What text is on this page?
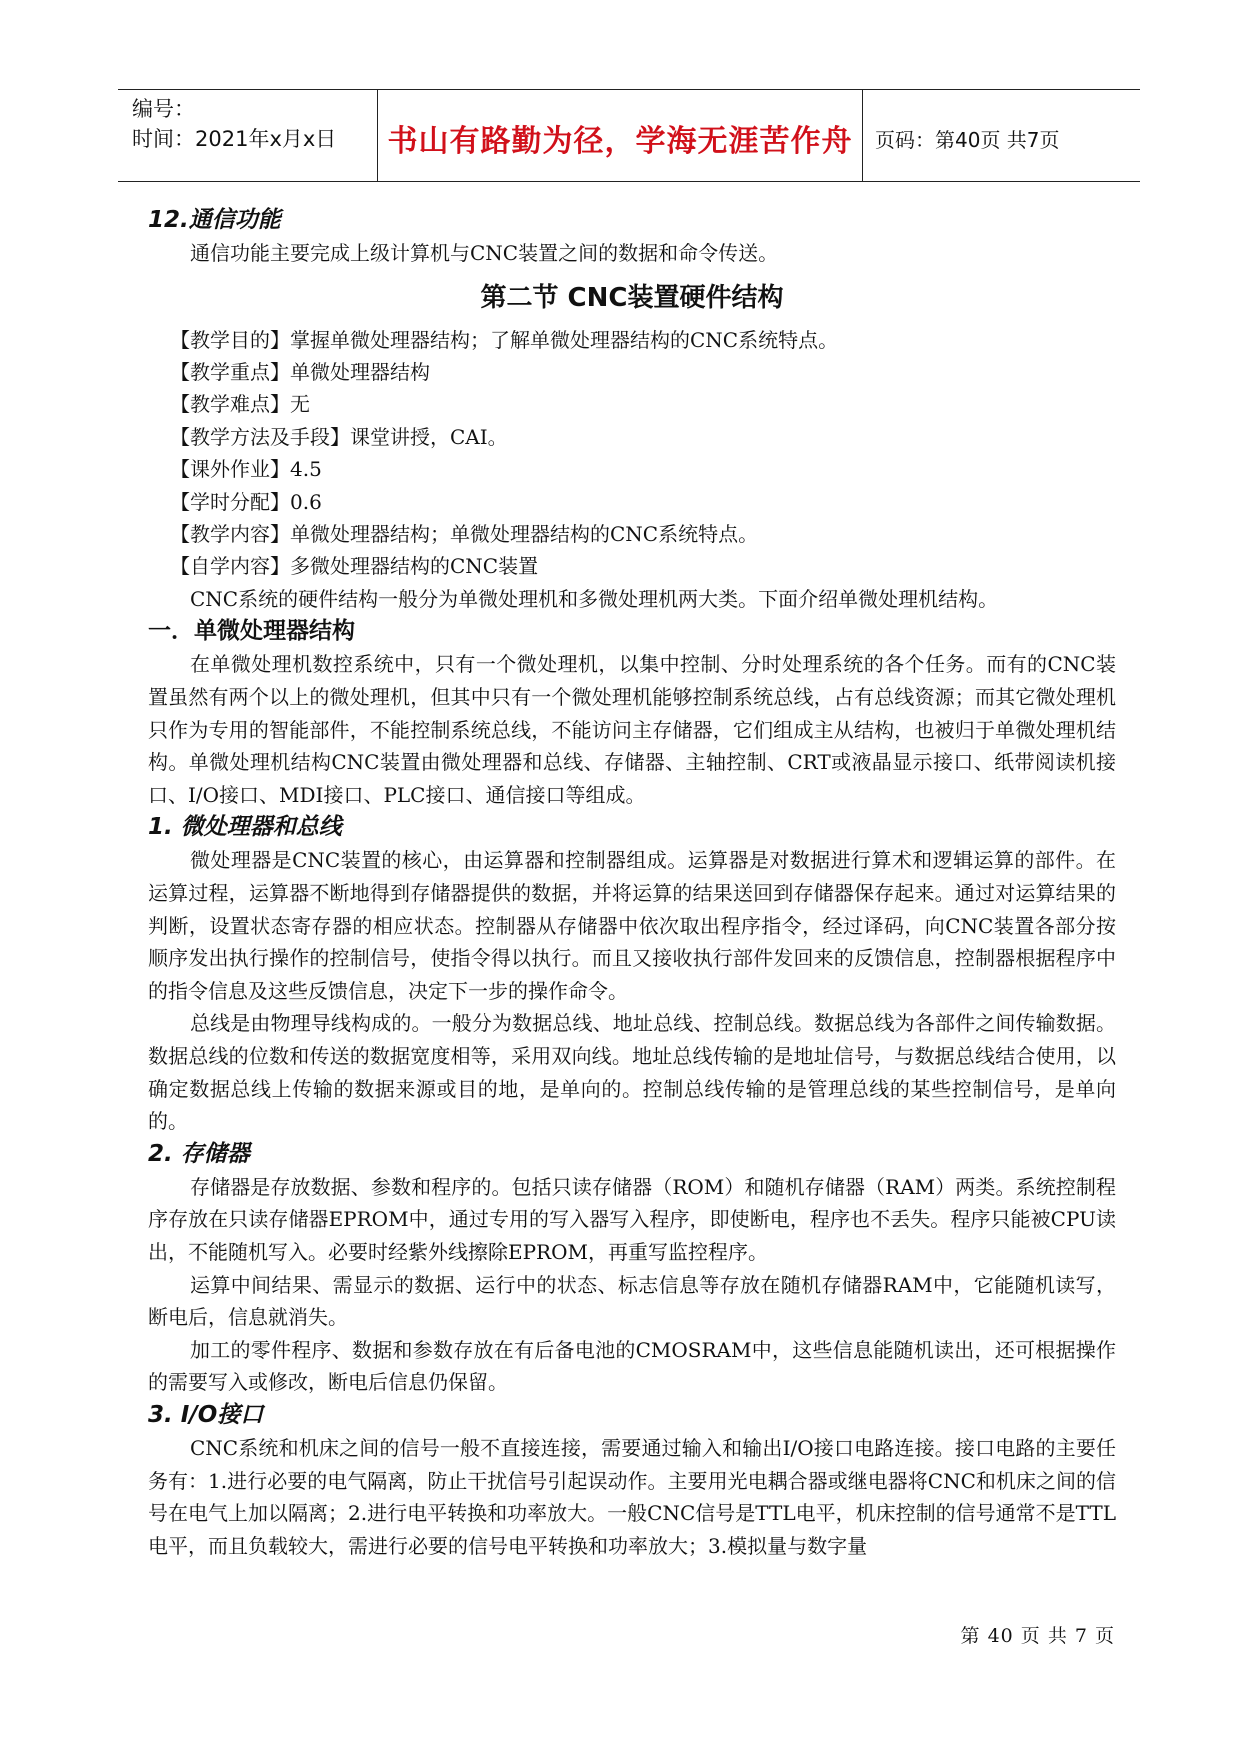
编号：
时间：2021年x月x日	书山有路勤为径，学海无涯苦作舟	页码：第40页 共7页
12.通信功能
通信功能主要完成上级计算机与CNC装置之间的数据和命令传送。
第二节 CNC装置硬件结构
【教学目的】掌握单微处理器结构；了解单微处理器结构的CNC系统特点。
【教学重点】单微处理器结构
【教学难点】无
【教学方法及手段】课堂讲授，CAI。
【课外作业】4.5
【学时分配】0.6
【教学内容】单微处理器结构；单微处理器结构的CNC系统特点。
【自学内容】多微处理器结构的CNC装置
CNC系统的硬件结构一般分为单微处理机和多微处理机两大类。下面介绍单微处理机结构。
一．单微处理器结构
在单微处理机数控系统中，只有一个微处理机，以集中控制、分时处理系统的各个任务。而有的CNC装置虽然有两个以上的微处理机，但其中只有一个微处理机能够控制系统总线，占有总线资源；而其它微处理机只作为专用的智能部件，不能控制系统总线，不能访问主存储器，它们组成主从结构，也被归于单微处理机结构。单微处理机结构CNC装置由微处理器和总线、存储器、主轴控制、CRT或液晶显示接口、纸带阅读机接口、I/O接口、MDI接口、PLC接口、通信接口等组成。
1. 微处理器和总线
微处理器是CNC装置的核心，由运算器和控制器组成。运算器是对数据进行算术和逻辑运算的部件。在运算过程，运算器不断地得到存储器提供的数据，并将运算的结果送回到存储器保存起来。通过对运算结果的判断，设置状态寄存器的相应状态。控制器从存储器中依次取出程序指令，经过译码，向CNC装置各部分按顺序发出执行操作的控制信号，使指令得以执行。而且又接收执行部件发回来的反馈信息，控制器根据程序中的指令信息及这些反馈信息，决定下一步的操作命令。
总线是由物理导线构成的。一般分为数据总线、地址总线、控制总线。数据总线为各部件之间传输数据。数据总线的位数和传送的数据宽度相等，采用双向线。地址总线传输的是地址信号，与数据总线结合使用，以确定数据总线上传输的数据来源或目的地，是单向的。控制总线传输的是管理总线的某些控制信号，是单向的。
2. 存储器
存储器是存放数据、参数和程序的。包括只读存储器（ROM）和随机存储器（RAM）两类。系统控制程序存放在只读存储器EPROM中，通过专用的写入器写入程序，即使断电，程序也不丢失。程序只能被CPU读出，不能随机写入。必要时经紫外线擦除EPROM，再重写监控程序。
运算中间结果、需显示的数据、运行中的状态、标志信息等存放在随机存储器RAM中，它能随机读写，断电后，信息就消失。
加工的零件程序、数据和参数存放在有后备电池的CMOSRAM中，这些信息能随机读出，还可根据操作的需要写入或修改，断电后信息仍保留。
3. I/O接口
CNC系统和机床之间的信号一般不直接连接，需要通过输入和输出I/O接口电路连接。接口电路的主要任务有：1.进行必要的电气隔离，防止干扰信号引起误动作。主要用光电耦合器或继电器将CNC和机床之间的信号在电气上加以隔离；2.进行电平转换和功率放大。一般CNC信号是TTL电平，机床控制的信号通常不是TTL电平，而且负载较大，需进行必要的信号电平转换和功率放大；3.模拟量与数字量
第 40 页 共 7 页
